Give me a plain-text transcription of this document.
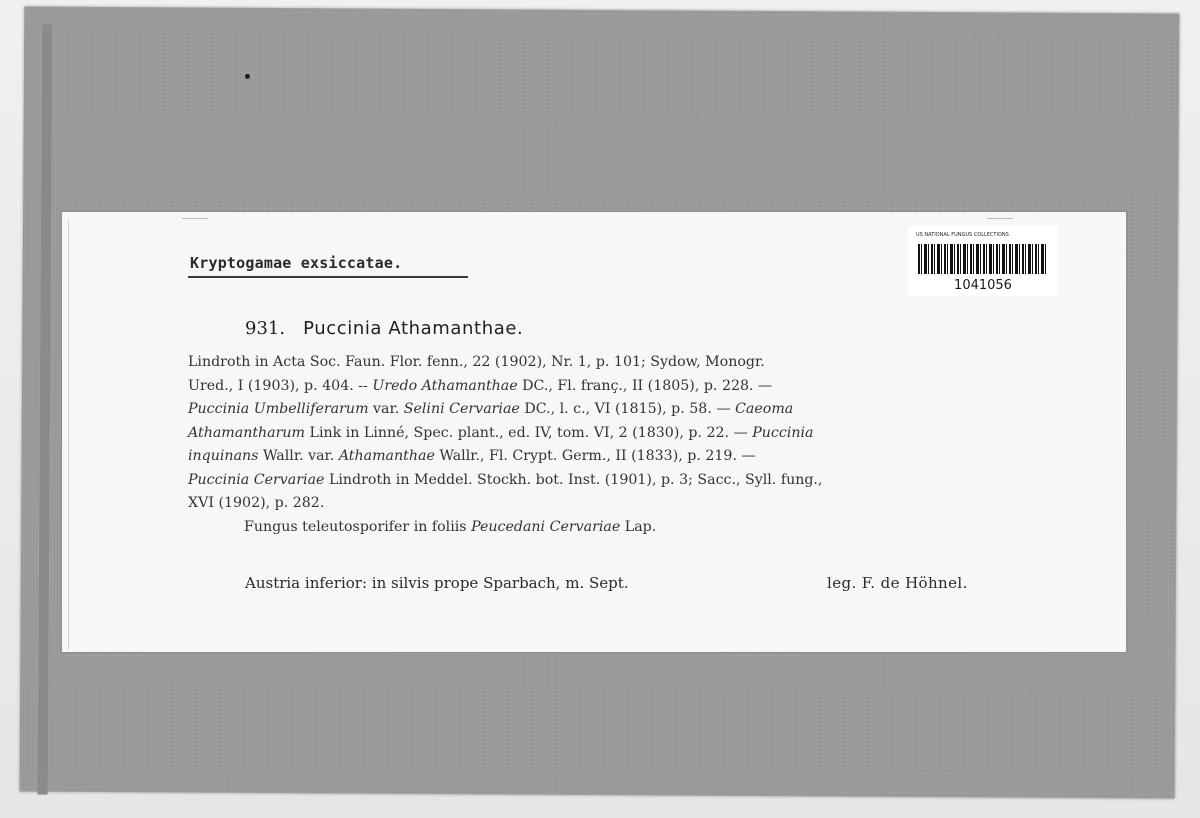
Kryptogamae exsiccatae.
US NATIONAL FUNGUS COLLECTIONS
1041056
931. Puccinia Athamanthae.
Lindroth in Acta Soc. Faun. Flor. fenn., 22 (1902), Nr. 1, p. 101; Sydow, Monogr.
Ured., I (1903), p. 404. -- Uredo Athamanthae DC., Fl. franç., II (1805), p. 228. —
Puccinia Umbelliferarum var. Selini Cervariae DC., l. c., VI (1815), p. 58. — Caeoma
Athamantharum Link in Linné, Spec. plant., ed. IV, tom. VI, 2 (1830), p. 22. — Puccinia
inquinans Wallr. var. Athamanthae Wallr., Fl. Crypt. Germ., II (1833), p. 219. —
Puccinia Cervariae Lindroth in Meddel. Stockh. bot. Inst. (1901), p. 3; Sacc., Syll. fung.,
XVI (1902), p. 282.
Fungus teleutosporifer in foliis Peucedani Cervariae Lap.
Austria inferior: in silvis prope Sparbach, m. Sept.	leg. F. de Höhnel.
